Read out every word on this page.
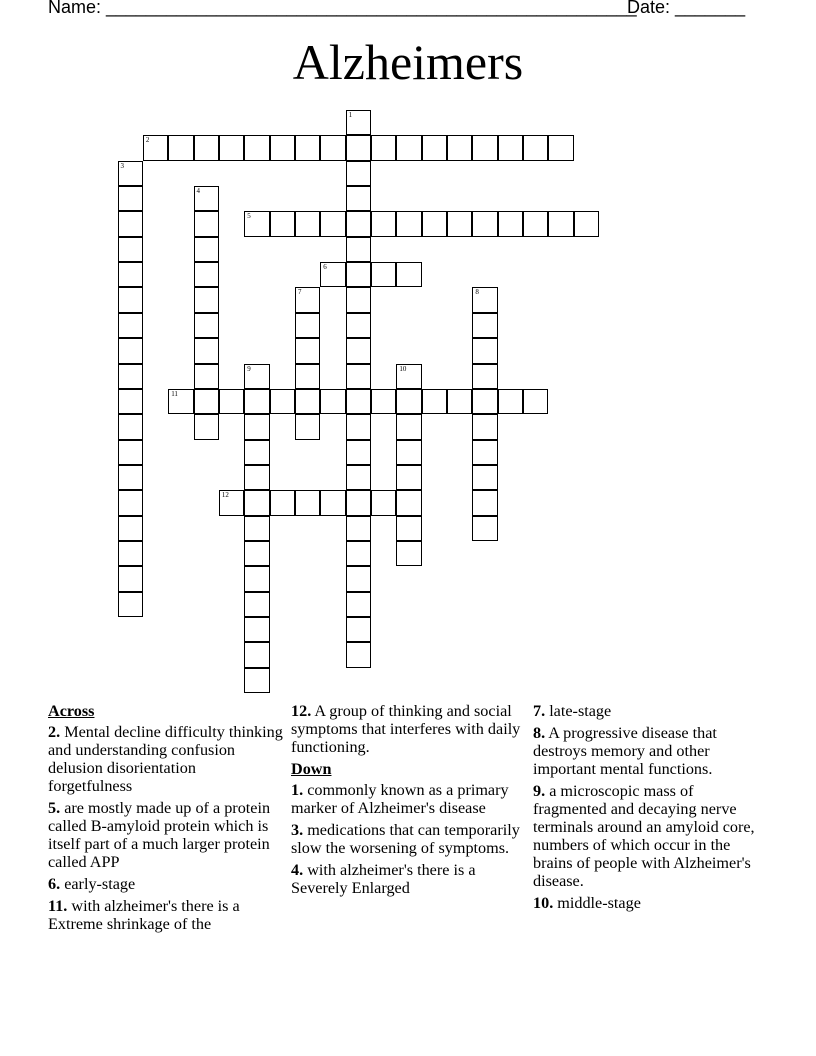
Name: _____________________________________________________
Date: _______
Alzheimers
1
2
3
4
5
6
7	8
9	10
11
12
Across
2. Mental decline difficulty thinking and understanding confusion delusion disorientation forgetfulness
5. are mostly made up of a protein called B-amyloid protein which is itself part of a much larger protein called APP
6. early-stage
11. with alzheimer's there is a Extreme shrinkage of the
12. A group of thinking and social symptoms that interferes with daily functioning.
Down
1. commonly known as a primary marker of Alzheimer's disease
3. medications that can temporarily slow the worsening of symptoms.
4. with alzheimer's there is a Severely Enlarged
7. late-stage
8. A progressive disease that destroys memory and other important mental functions.
9. a microscopic mass of fragmented and decaying nerve terminals around an amyloid core, numbers of which occur in the brains of people with Alzheimer's disease.
10. middle-stage
